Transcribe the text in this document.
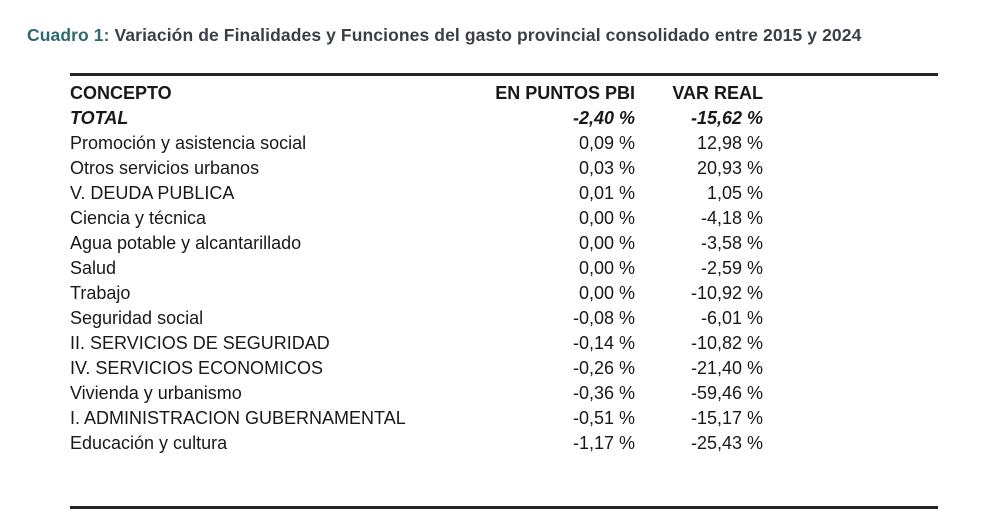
Cuadro 1: Variación de Finalidades y Funciones del gasto provincial consolidado entre 2015 y 2024
CONCEPTO	EN PUNTOS PBI	VAR REAL
TOTAL	-2,40 %	-15,62 %
Promoción y asistencia social	0,09 %	12,98 %
Otros servicios urbanos	0,03 %	20,93 %
V. DEUDA PUBLICA	0,01 %	1,05 %
Ciencia y técnica	0,00 %	-4,18 %
Agua potable y alcantarillado	0,00 %	-3,58 %
Salud	0,00 %	-2,59 %
Trabajo	0,00 %	-10,92 %
Seguridad social	-0,08 %	-6,01 %
II. SERVICIOS DE SEGURIDAD	-0,14 %	-10,82 %
IV. SERVICIOS ECONOMICOS	-0,26 %	-21,40 %
Vivienda y urbanismo	-0,36 %	-59,46 %
I. ADMINISTRACION GUBERNAMENTAL	-0,51 %	-15,17 %
Educación y cultura	-1,17 %	-25,43 %
